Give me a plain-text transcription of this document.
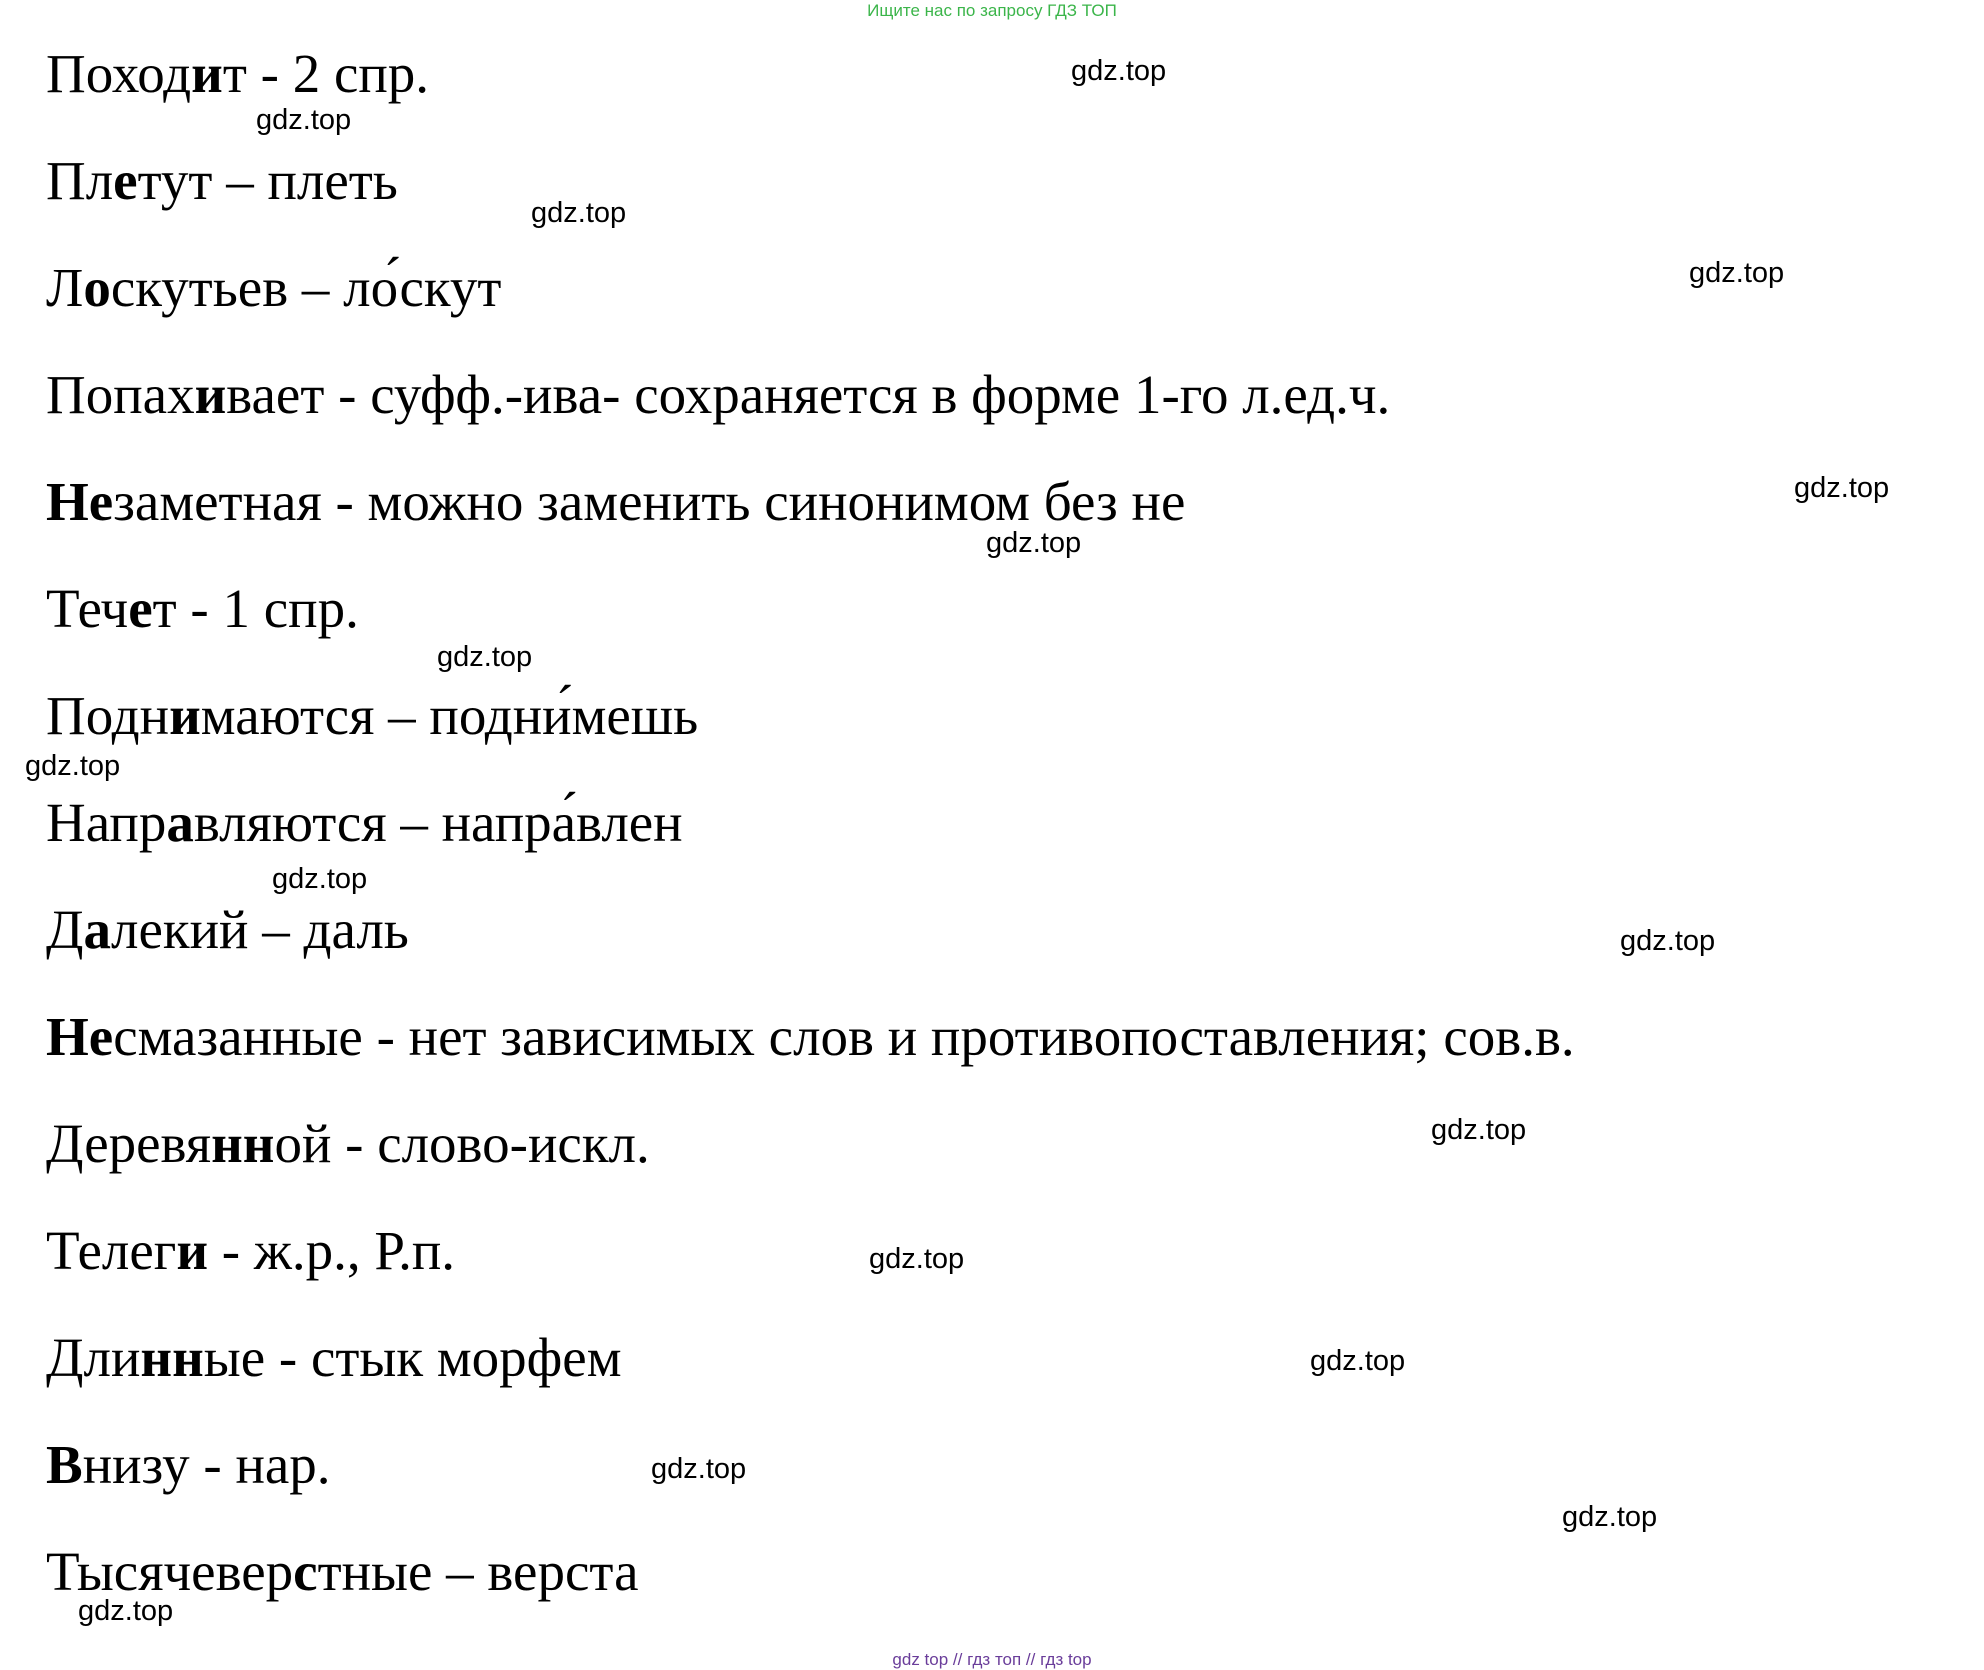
Ищите нас по запросу ГДЗ ТОП
Походит - 2 спр.
Плетут – плеть
Лоскутьев – ло́скут
Попахивает - суфф.-ива- сохраняется в форме 1-го л.ед.ч.
Незаметная - можно заменить синонимом без не
Течет - 1 спр.
Поднимаются – подни́мешь
Направляются – напра́влен
Далекий – даль
Несмазанные - нет зависимых слов и противопоставления; сов.в.
Деревянной - слово-искл.
Телеги - ж.р., Р.п.
Длинные - стык морфем
Внизу - нар.
Тысячеверстные – верста
gdz.top
gdz.top
gdz.top
gdz.top
gdz.top
gdz.top
gdz.top
gdz.top
gdz.top
gdz.top
gdz.top
gdz.top
gdz.top
gdz.top
gdz.top
gdz.top
gdz top // гдз топ // гдз top
